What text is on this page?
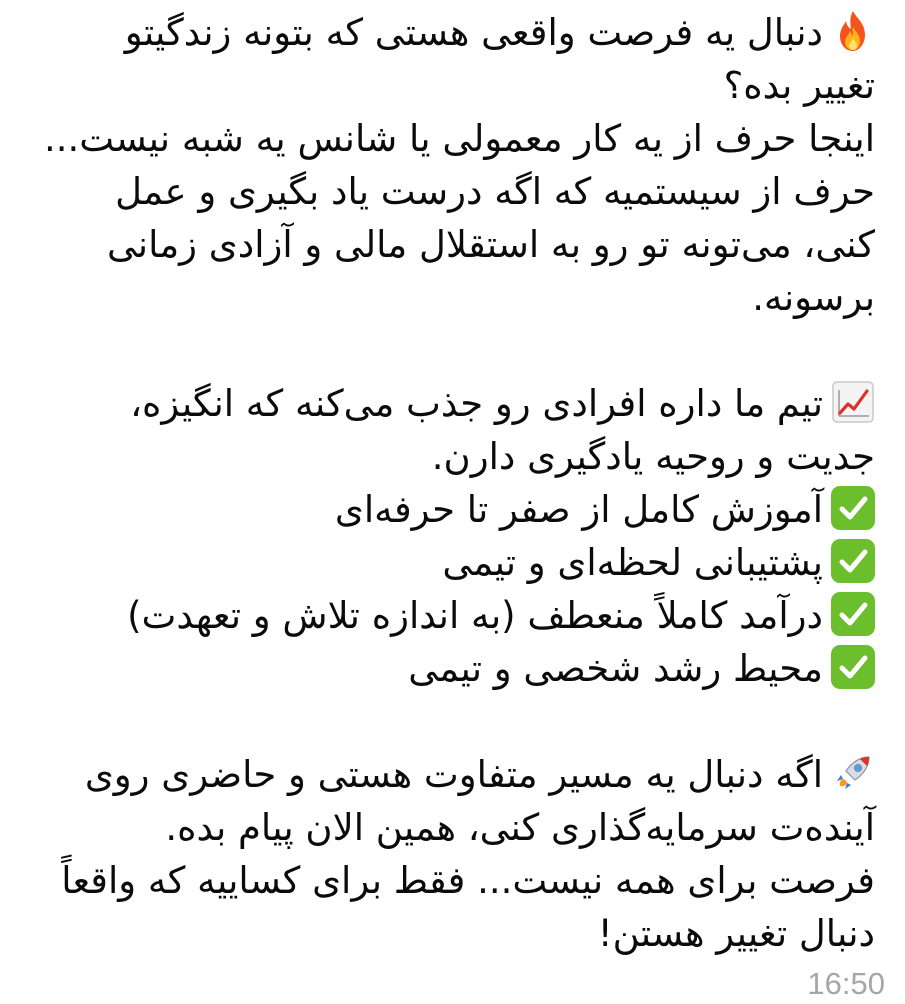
دنبال یه فرصت واقعی هستی که بتونه زندگیتو
تغییر بده؟
اینجا حرف از یه کار معمولی یا شانس یه شبه نیست...
حرف از سیستمیه که اگه درست یاد بگیری و عمل
کنی، می‌تونه تو رو به استقلال مالی و آزادی زمانی
برسونه.
تیم ما داره افرادی رو جذب می‌کنه که انگیزه،
جدیت و روحیه یادگیری دارن.
آموزش کامل از صفر تا حرفه‌ای
پشتیبانی لحظه‌ای و تیمی
درآمد کاملاً منعطف (به اندازه تلاش و تعهدت)
محیط رشد شخصی و تیمی
اگه دنبال یه مسیر متفاوت هستی و حاضری روی
آینده‌ت سرمایه‌گذاری کنی، همین الان پیام بده.
فرصت برای همه نیست... فقط برای کساییه که واقعاً
دنبال تغییر هستن!
16:50
